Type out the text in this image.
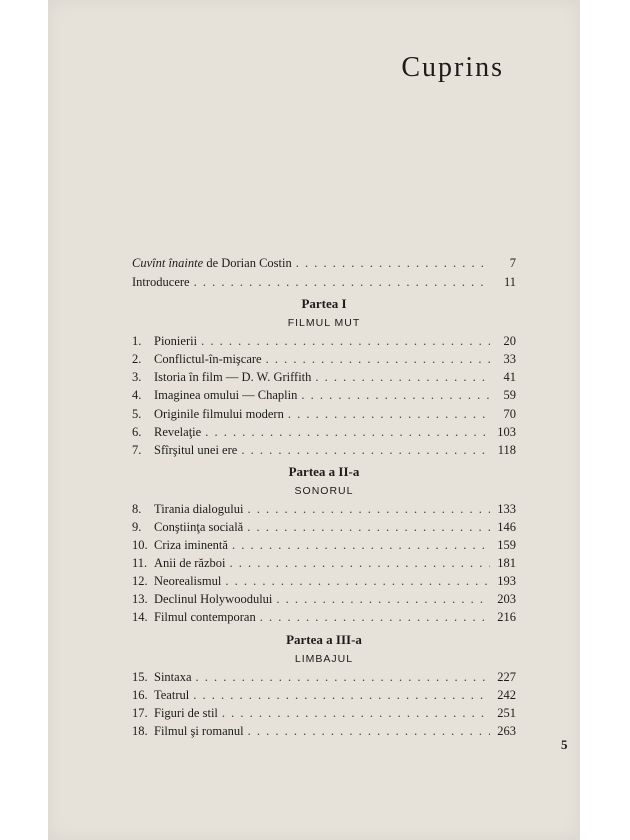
Cuprins
Cuvînt înainte de Dorian Costin . . .	7
Introducere . . .	11
Partea I
FILMUL MUT
1.	Pionierii . . .	20
2.	Conflictul-în-mişcare . . .	33
3.	Istoria în film — D. W. Griffith . . .	41
4.	Imaginea omului — Chaplin . . .	59
5.	Originile filmului modern . . .	70
6.	Revelaţie . . .	103
7.	Sfîrşitul unei ere . . .	118
Partea a II-a
SONORUL
8.	Tirania dialogului . . .	133
9.	Conştiinţa socială . . .	146
10. Criza iminentă . . .	159
11. Anii de război . . .	181
12. Neorealismul . . .	193
13. Declinul Holywoodului . . .	203
14. Filmul contemporan . . .	216
Partea a III-a
LIMBAJUL
15. Sintaxa . . .	227
16. Teatrul . . .	242
17. Figuri de stil . . .	251
18. Filmul şi romanul . . .	263
5
